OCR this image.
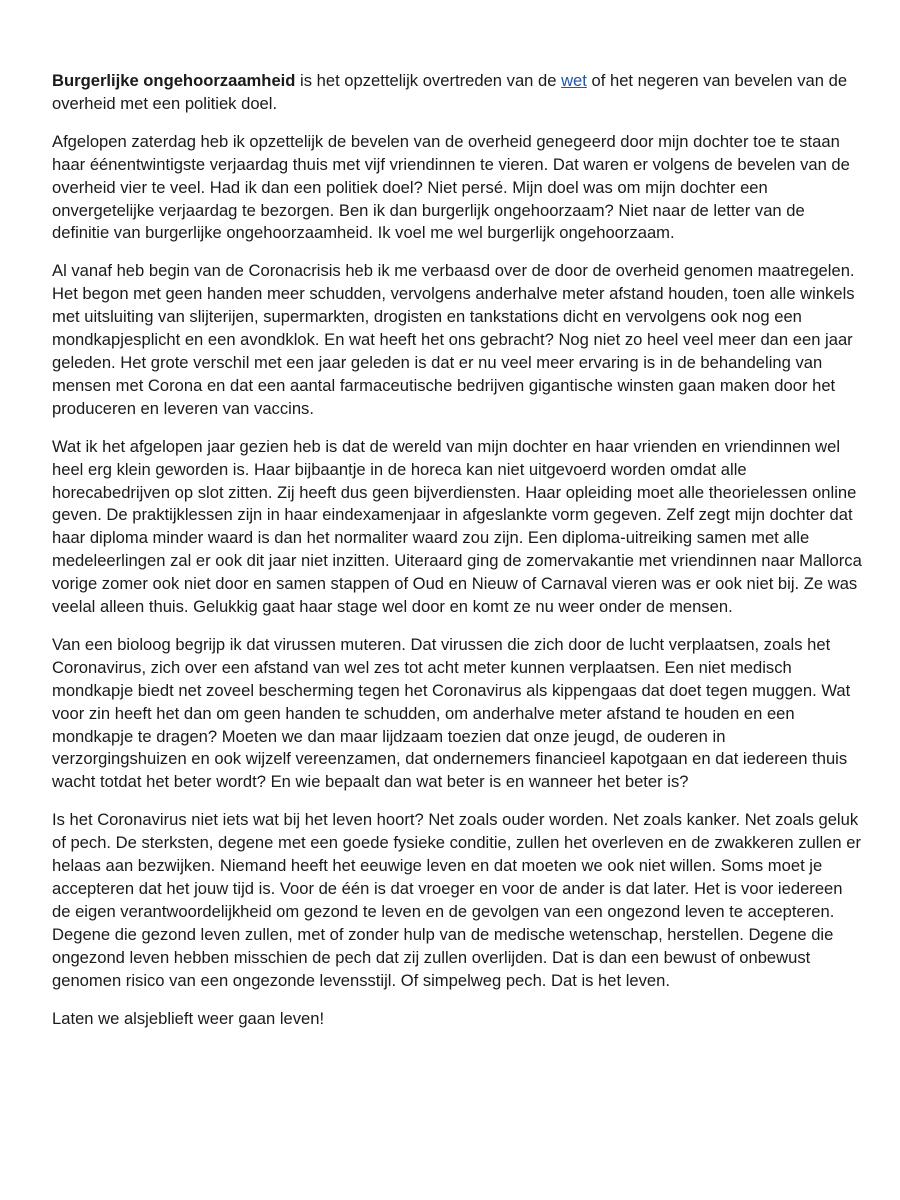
Burgerlijke ongehoorzaamheid is het opzettelijk overtreden van de wet of het negeren van bevelen van de overheid met een politiek doel.

Afgelopen zaterdag heb ik opzettelijk de bevelen van de overheid genegeerd door mijn dochter toe te staan haar éénentwintigste verjaardag thuis met vijf vriendinnen te vieren. Dat waren er volgens de bevelen van de overheid vier te veel. Had ik dan een politiek doel? Niet persé. Mijn doel was om mijn dochter een onvergetelijke verjaardag te bezorgen. Ben ik dan burgerlijk ongehoorzaam? Niet naar de letter van de definitie van burgerlijke ongehoorzaamheid. Ik voel me wel burgerlijk ongehoorzaam.

Al vanaf heb begin van de Coronacrisis heb ik me verbaasd over de door de overheid genomen maatregelen. Het begon met geen handen meer schudden, vervolgens anderhalve meter afstand houden, toen alle winkels met uitsluiting van slijterijen, supermarkten, drogisten en tankstations dicht en vervolgens ook nog een mondkapjesplicht en een avondklok. En wat heeft het ons gebracht? Nog niet zo heel veel meer dan een jaar geleden. Het grote verschil met een jaar geleden is dat er nu veel meer ervaring is in de behandeling van mensen met Corona en dat een aantal farmaceutische bedrijven gigantische winsten gaan maken door het produceren en leveren van vaccins.

Wat ik het afgelopen jaar gezien heb is dat de wereld van mijn dochter en haar vrienden en vriendinnen wel heel erg klein geworden is. Haar bijbaantje in de horeca kan niet uitgevoerd worden omdat alle horecabedrijven op slot zitten. Zij heeft dus geen bijverdiensten. Haar opleiding moet alle theorielessen online geven. De praktijklessen zijn in haar eindexamenjaar in afgeslankte vorm gegeven. Zelf zegt mijn dochter dat haar diploma minder waard is dan het normaliter waard zou zijn. Een diploma-uitreiking samen met alle medeleerlingen zal er ook dit jaar niet inzitten. Uiteraard ging de zomervakantie met vriendinnen naar Mallorca vorige zomer ook niet door en samen stappen of Oud en Nieuw of Carnaval vieren was er ook niet bij. Ze was veelal alleen thuis. Gelukkig gaat haar stage wel door en komt ze nu weer onder de mensen.

Van een bioloog begrijp ik dat virussen muteren. Dat virussen die zich door de lucht verplaatsen, zoals het Coronavirus, zich over een afstand van wel zes tot acht meter kunnen verplaatsen. Een niet medisch mondkapje biedt net zoveel bescherming tegen het Coronavirus als kippengaas dat doet tegen muggen. Wat voor zin heeft het dan om geen handen te schudden, om anderhalve meter afstand te houden en een mondkapje te dragen? Moeten we dan maar lijdzaam toezien dat onze jeugd, de ouderen in verzorgingshuizen en ook wijzelf vereenzamen, dat ondernemers financieel kapotgaan en dat iedereen thuis wacht totdat het beter wordt? En wie bepaalt dan wat beter is en wanneer het beter is?

Is het Coronavirus niet iets wat bij het leven hoort? Net zoals ouder worden. Net zoals kanker. Net zoals geluk of pech. De sterksten, degene met een goede fysieke conditie, zullen het overleven en de zwakkeren zullen er helaas aan bezwijken. Niemand heeft het eeuwige leven en dat moeten we ook niet willen. Soms moet je accepteren dat het jouw tijd is. Voor de één is dat vroeger en voor de ander is dat later. Het is voor iedereen de eigen verantwoordelijkheid om gezond te leven en de gevolgen van een ongezond leven te accepteren. Degene die gezond leven zullen, met of zonder hulp van de medische wetenschap, herstellen. Degene die ongezond leven hebben misschien de pech dat zij zullen overlijden. Dat is dan een bewust of onbewust genomen risico van een ongezonde levensstijl. Of simpelweg pech. Dat is het leven.

Laten we alsjeblieft weer gaan leven!
